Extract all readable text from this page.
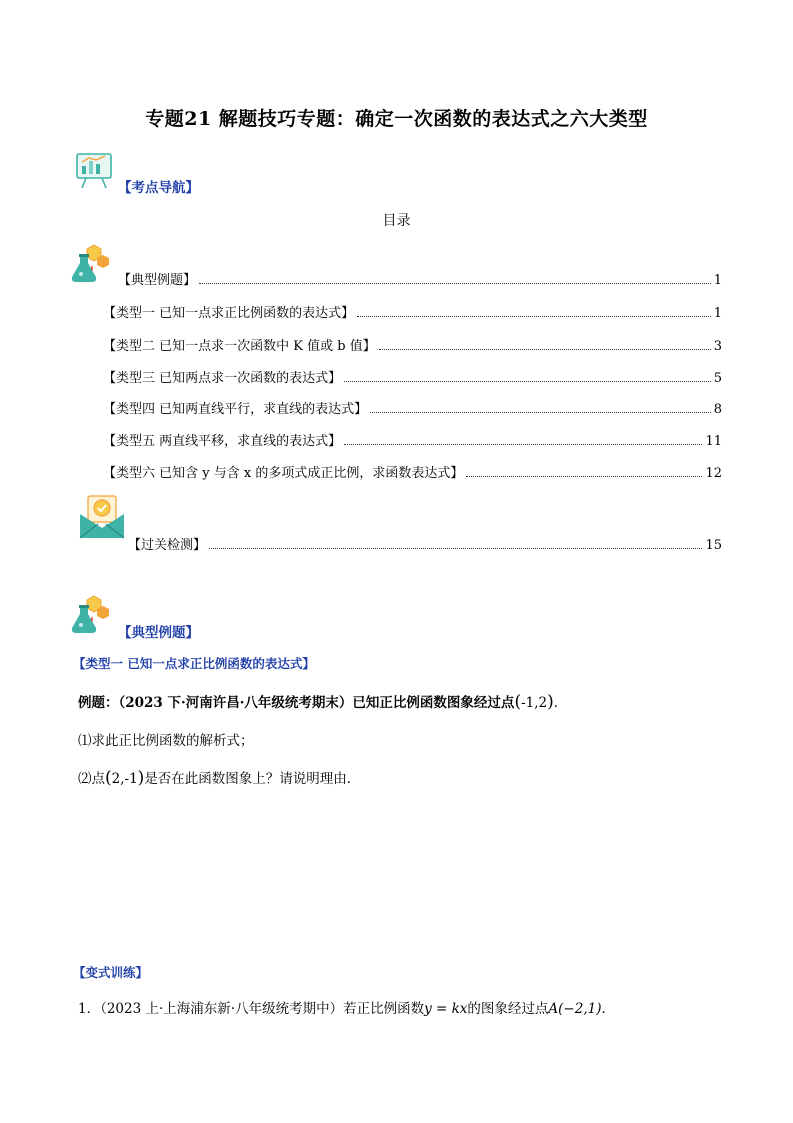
专题21 解题技巧专题：确定一次函数的表达式之六大类型
【考点导航】
目录
【典型例题】	1
【类型一 已知一点求正比例函数的表达式】	1
【类型二 已知一点求一次函数中 K 值或 b 值】	3
【类型三 已知两点求一次函数的表达式】	5
【类型四 已知两直线平行，求直线的表达式】	8
【类型五 两直线平移，求直线的表达式】	11
【类型六 已知含 y 与含 x 的多项式成正比例，求函数表达式】	12
【过关检测】	15
【典型例题】
【类型一 已知一点求正比例函数的表达式】
例题：（2023 下·河南许昌·八年级统考期末）已知正比例函数图象经过点(-1,2)．
⑴求此正比例函数的解析式；
⑵点(2,-1)是否在此函数图象上？请说明理由．
【变式训练】
1．（2023 上·上海浦东新·八年级统考期中）若正比例函数y = kx的图象经过点A(−2,1)．
